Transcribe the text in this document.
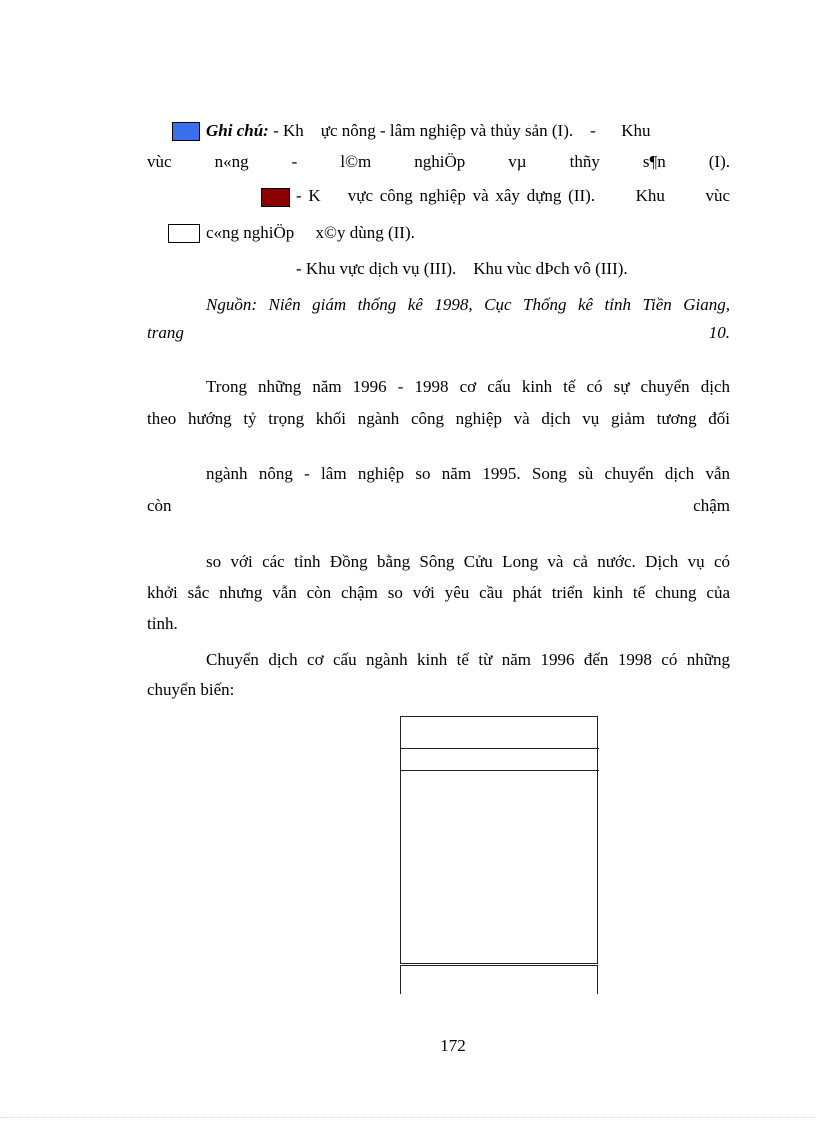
Ghi chú: - Kh    ực nông - lâm nghiệp và thủy sản (I).    -      Khu
vùc n«ng - l©m nghiÖp vµ thñy s¶n (I).
- K    vực công nghiệp và xây dựng (II).      Khu      vùc
c«ng nghiÖp     x©y dùng (II).
- Khu vực dịch vụ (III).    Khu vùc dÞch vô (III).
Nguồn: Niên giám thống kê 1998, Cục Thống kê tỉnh Tiền Giang,
trang	10.
Trong những năm 1996 - 1998 cơ cấu kinh tế có sự chuyển dịch
theo hướng tỷ trọng khối ngành công nghiệp và dịch vụ giảm tương đối
ngành nông - lâm nghiệp so năm 1995. Song sù chuyển dịch vẫn
còn	chậm
so với các tỉnh Đồng bằng Sông Cửu Long và cả nước. Dịch vụ có
khởi sắc nhưng vẫn còn chậm so với yêu cầu phát triển kinh tế chung của
tỉnh.
Chuyển dịch cơ cấu ngành kinh tế từ năm 1996 đến 1998 có những
chuyển biến:
172
